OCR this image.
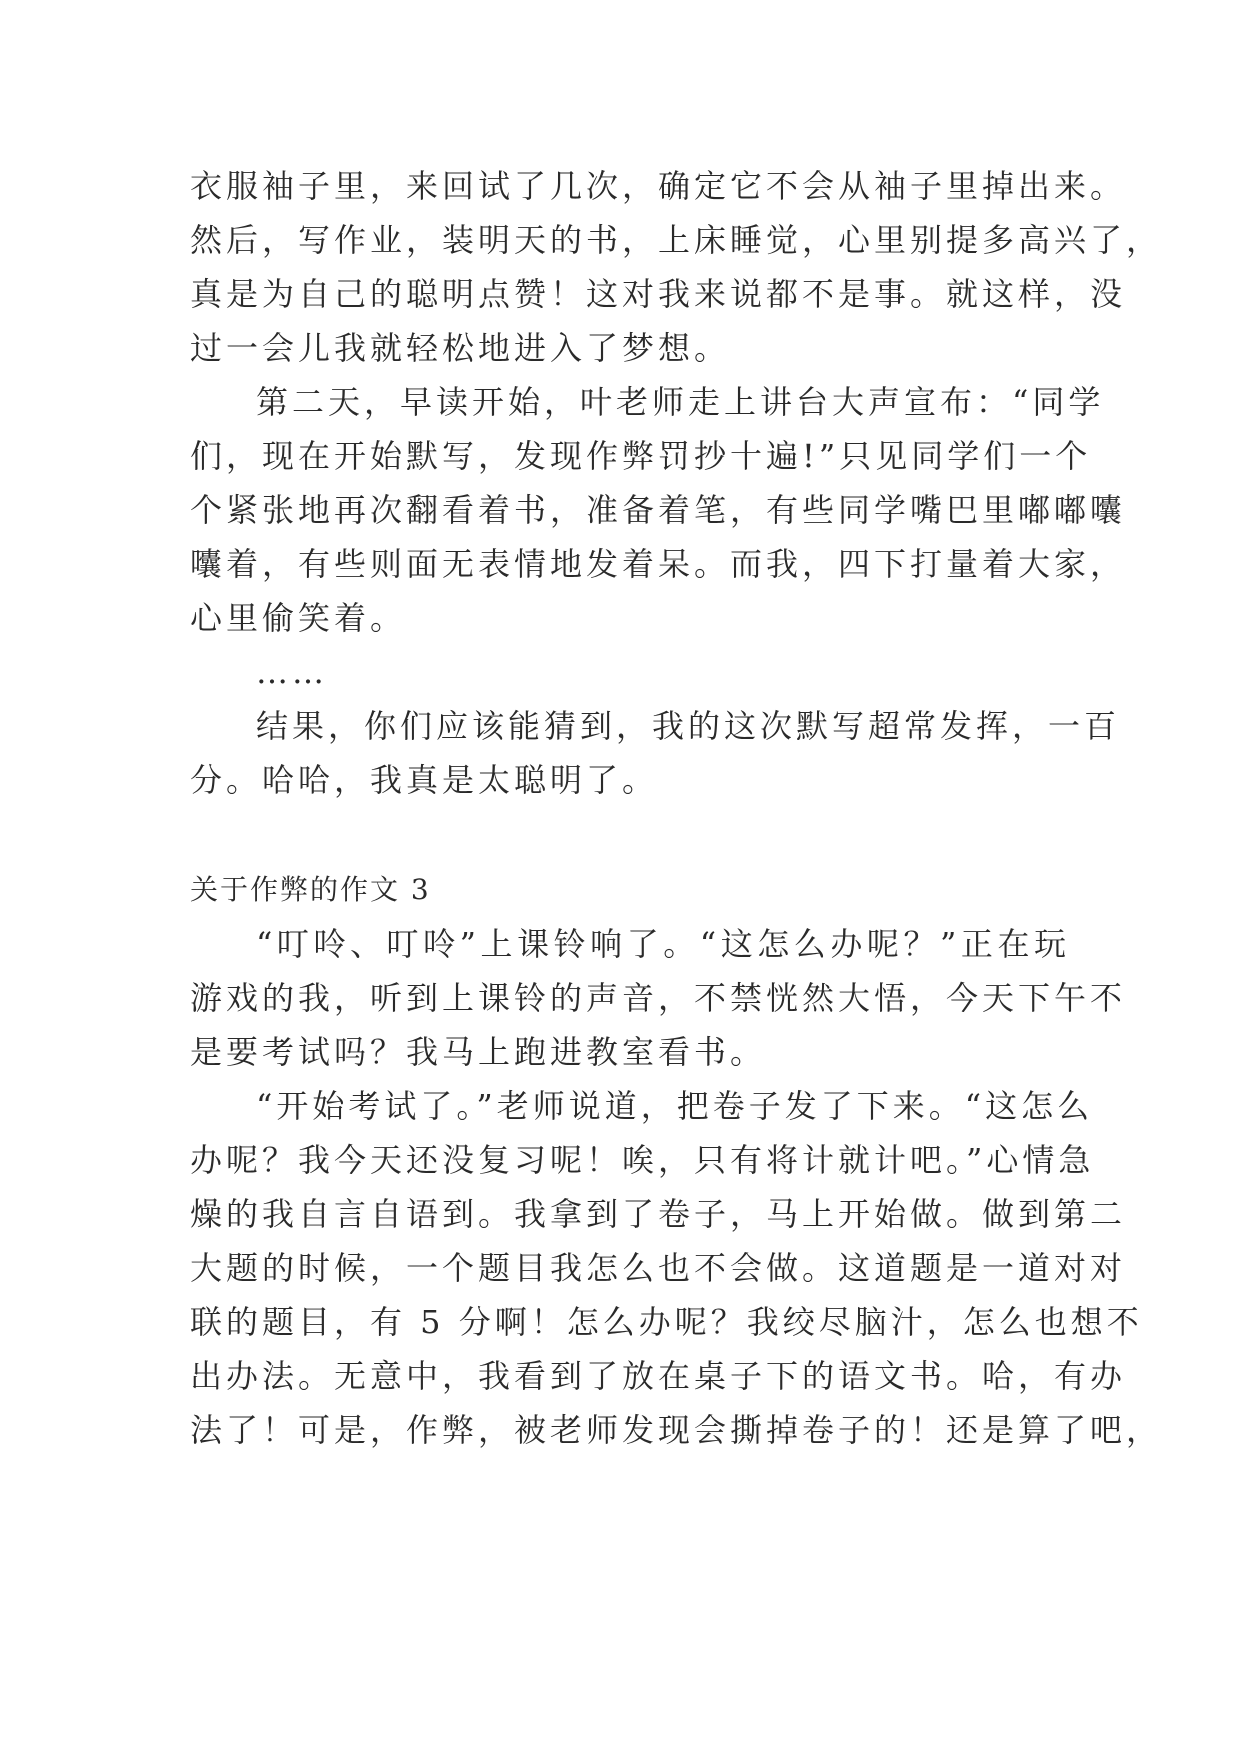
衣服袖子里，来回试了几次，确定它不会从袖子里掉出来。
然后，写作业，装明天的书，上床睡觉，心里别提多高兴了，
真是为自己的聪明点赞！这对我来说都不是事。就这样，没
过一会儿我就轻松地进入了梦想。
第二天，早读开始，叶老师走上讲台大声宣布：“同学
们，现在开始默写，发现作弊罚抄十遍!”只见同学们一个
个紧张地再次翻看着书，准备着笔，有些同学嘴巴里嘟嘟囔
囔着，有些则面无表情地发着呆。而我，四下打量着大家，
心里偷笑着。
……
结果，你们应该能猜到，我的这次默写超常发挥，一百
分。哈哈，我真是太聪明了。
关于作弊的作文 3
“叮呤、叮呤”上课铃响了。“这怎么办呢？”正在玩
游戏的我，听到上课铃的声音，不禁恍然大悟，今天下午不
是要考试吗？我马上跑进教室看书。
“开始考试了。”老师说道，把卷子发了下来。“这怎么
办呢？我今天还没复习呢！唉，只有将计就计吧。”心情急
燥的我自言自语到。我拿到了卷子，马上开始做。做到第二
大题的时候，一个题目我怎么也不会做。这道题是一道对对
联的题目，有 5 分啊！怎么办呢？我绞尽脑汁，怎么也想不
出办法。无意中，我看到了放在桌子下的语文书。哈，有办
法了！可是，作弊，被老师发现会撕掉卷子的！还是算了吧，
